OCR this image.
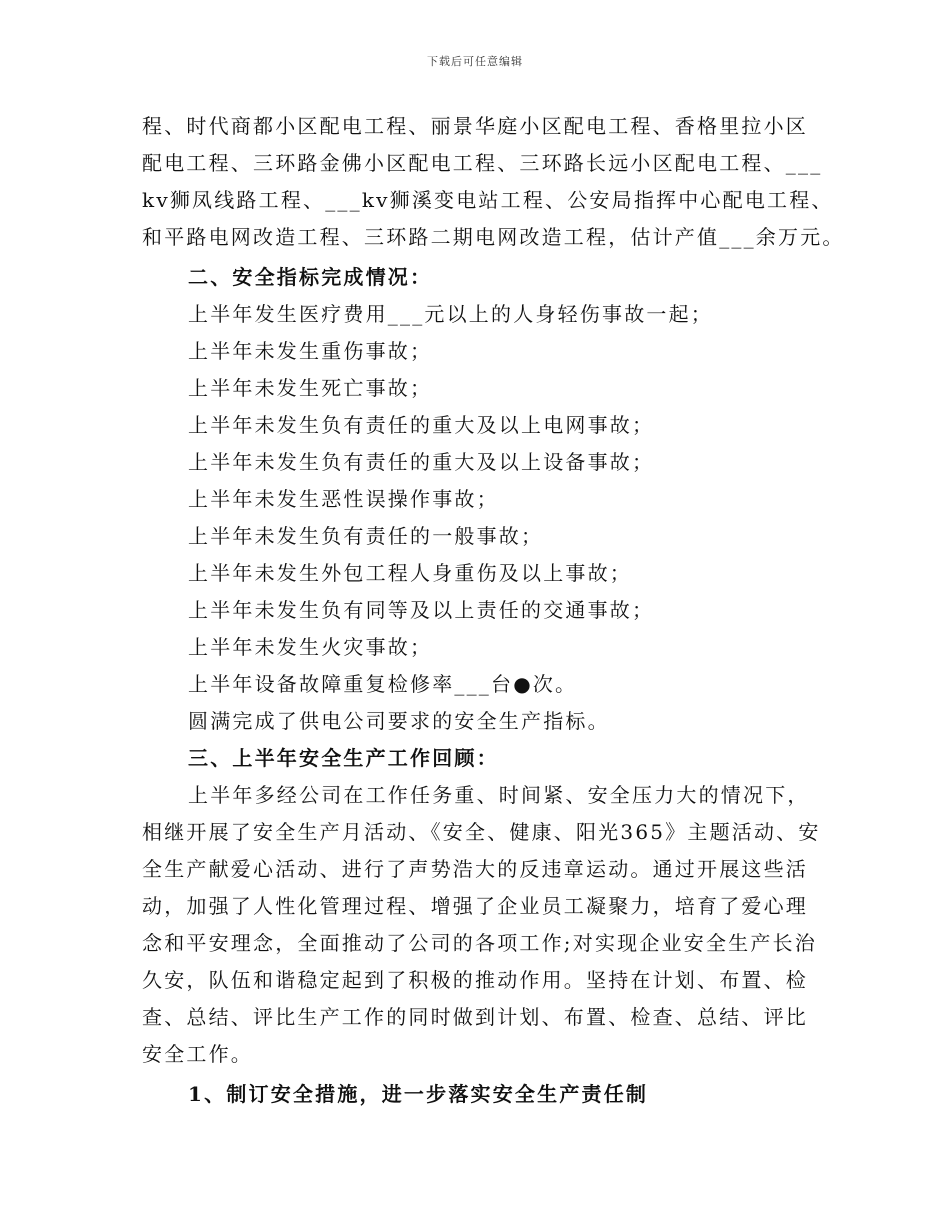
下载后可任意编辑

程、时代商都小区配电工程、丽景华庭小区配电工程、香格里拉小区

配电工程、三环路金佛小区配电工程、三环路长远小区配电工程、___

kv狮凤线路工程、___kv狮溪变电站工程、公安局指挥中心配电工程、

和平路电网改造工程、三环路二期电网改造工程，估计产值___余万元。

二、安全指标完成情况：

上半年发生医疗费用___元以上的人身轻伤事故一起；

上半年未发生重伤事故；

上半年未发生死亡事故；

上半年未发生负有责任的重大及以上电网事故；

上半年未发生负有责任的重大及以上设备事故；

上半年未发生恶性误操作事故；

上半年未发生负有责任的一般事故；

上半年未发生外包工程人身重伤及以上事故；

上半年未发生负有同等及以上责任的交通事故；

上半年未发生火灾事故；

上半年设备故障重复检修率___台●次。

圆满完成了供电公司要求的安全生产指标。

三、上半年安全生产工作回顾：

上半年多经公司在工作任务重、时间紧、安全压力大的情况下，

相继开展了安全生产月活动、《安全、健康、阳光365》主题活动、安

全生产献爱心活动、进行了声势浩大的反违章运动。通过开展这些活

动，加强了人性化管理过程、增强了企业员工凝聚力，培育了爱心理

念和平安理念，全面推动了公司的各项工作;对实现企业安全生产长治

久安，队伍和谐稳定起到了积极的推动作用。坚持在计划、布置、检

查、总结、评比生产工作的同时做到计划、布置、检查、总结、评比

安全工作。

1、制订安全措施，进一步落实安全生产责任制
